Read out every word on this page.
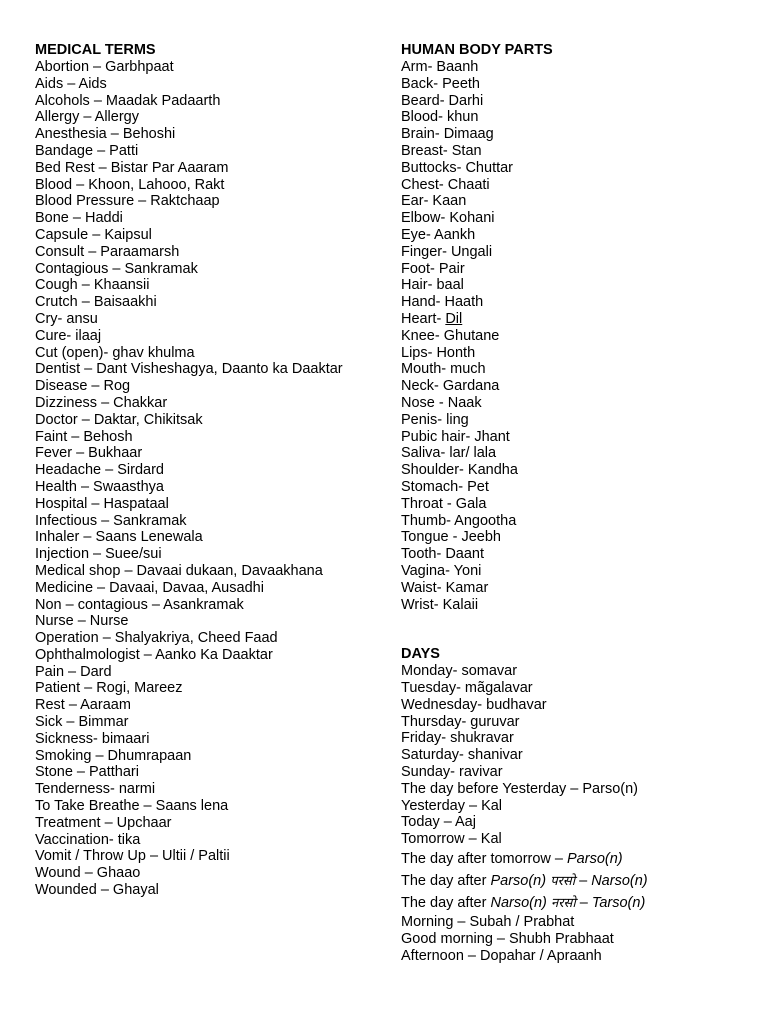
MEDICAL TERMS
Abortion – Garbhpaat
Aids – Aids
Alcohols – Maadak Padaarth
Allergy – Allergy
Anesthesia – Behoshi
Bandage – Patti
Bed Rest – Bistar Par Aaaram
Blood – Khoon, Lahooo, Rakt
Blood Pressure – Raktchaap
Bone – Haddi
Capsule – Kaipsul
Consult – Paraamarsh
Contagious – Sankramak
Cough – Khaansii
Crutch – Baisaakhi
Cry- ansu
Cure- ilaaj
Cut (open)- ghav khulma
Dentist – Dant Visheshagya, Daanto ka Daaktar
Disease – Rog
Dizziness – Chakkar
Doctor – Daktar, Chikitsak
Faint – Behosh
Fever – Bukhaar
Headache – Sirdard
Health – Swaasthya
Hospital – Haspataal
Infectious – Sankramak
Inhaler – Saans Lenewala
Injection – Suee/sui
Medical shop – Davaai dukaan, Davaakhana
Medicine – Davaai, Davaa, Ausadhi
Non – contagious – Asankramak
Nurse – Nurse
Operation – Shalyakriya, Cheed Faad
Ophthalmologist – Aanko Ka Daaktar
Pain – Dard
Patient – Rogi, Mareez
Rest – Aaraam
Sick – Bimmar
Sickness- bimaari
Smoking – Dhumrapaan
Stone – Patthari
Tenderness- narmi
To Take Breathe – Saans lena
Treatment – Upchaar
Vaccination- tika
Vomit / Throw Up – Ultii / Paltii
Wound – Ghaao
Wounded – Ghayal
HUMAN BODY PARTS
Arm- Baanh
Back- Peeth
Beard- Darhi
Blood- khun
Brain- Dimaag
Breast- Stan
Buttocks- Chuttar
Chest- Chaati
Ear- Kaan
Elbow- Kohani
Eye- Aankh
Finger- Ungali
Foot- Pair
Hair- baal
Hand- Haath
Heart- Dil
Knee- Ghutane
Lips- Honth
Mouth- much
Neck- Gardana
Nose - Naak
Penis- ling
Pubic hair- Jhant
Saliva- lar/ lala
Shoulder- Kandha
Stomach- Pet
Throat - Gala
Thumb- Angootha
Tongue - Jeebh
Tooth- Daant
Vagina- Yoni
Waist- Kamar
Wrist- Kalaii
DAYS
Monday- somavar
Tuesday- mãgalavar
Wednesday- budhavar
Thursday- guruvar
Friday- shukravar
Saturday- shanivar
Sunday- ravivar
The day before Yesterday – Parso(n)
Yesterday – Kal
Today – Aaj
Tomorrow – Kal
The day after tomorrow – Parso(n)
The day after Parso(n) परसो – Narso(n)
The day after Narso(n) नरसो – Tarso(n)
Morning – Subah / Prabhat
Good morning – Shubh Prabhaat
Afternoon – Dopahar / Apraanh
